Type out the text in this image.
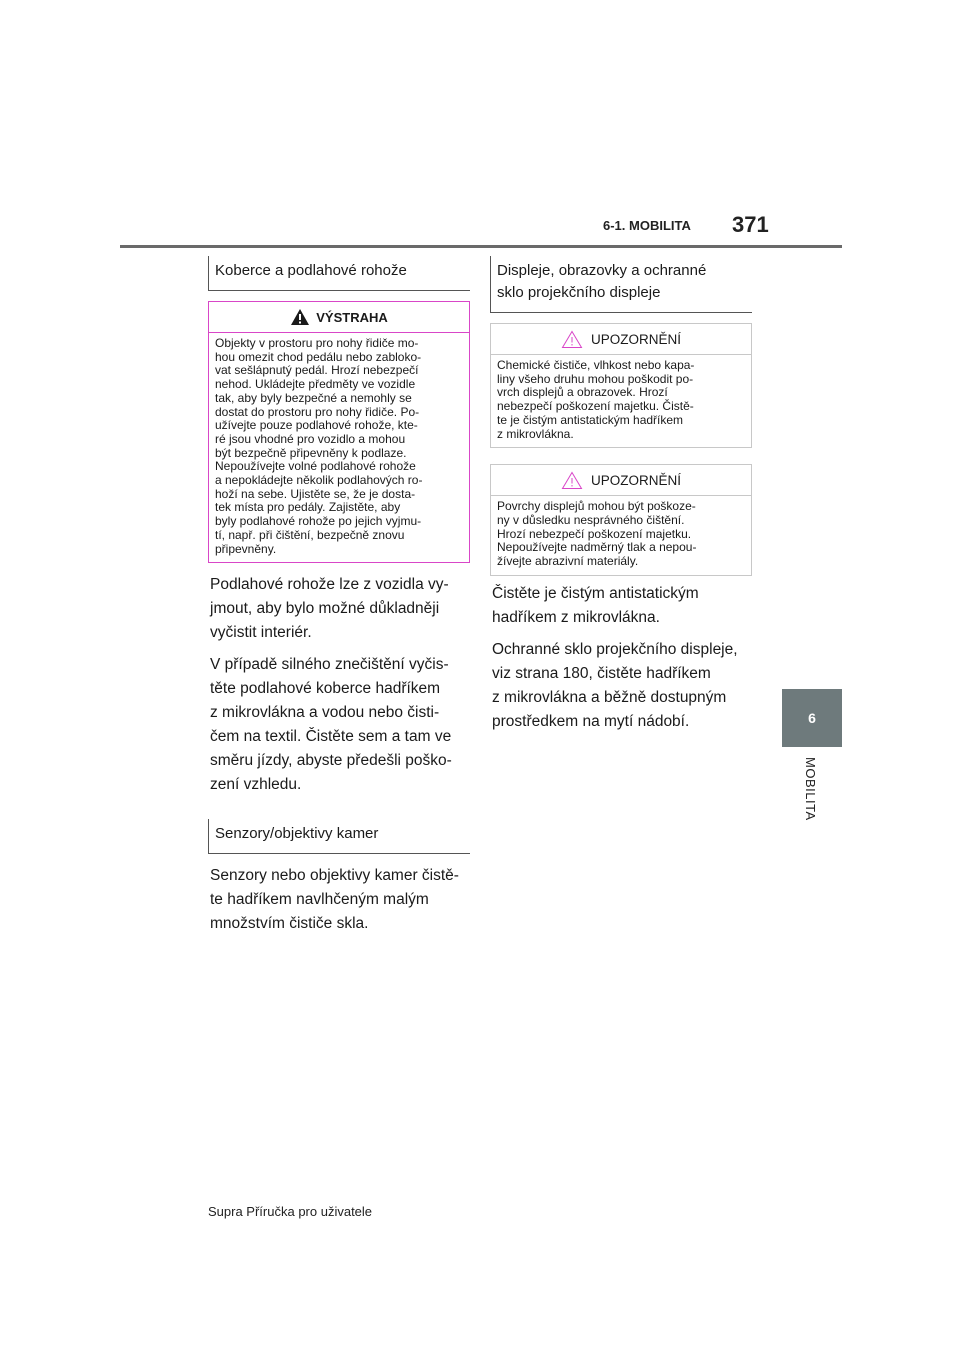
6-1. MOBILITA 371
6
MOBILITA
Koberce a podlahové rohože
VÝSTRAHA
Objekty v prostoru pro nohy řidiče mo-
hou omezit chod pedálu nebo zabloko-
vat sešlápnutý pedál. Hrozí nebezpečí
nehod. Ukládejte předměty ve vozidle
tak, aby byly bezpečné a nemohly se
dostat do prostoru pro nohy řidiče. Po-
užívejte pouze podlahové rohože, kte-
ré jsou vhodné pro vozidlo a mohou
být bezpečně připevněny k podlaze.
Nepoužívejte volné podlahové rohože
a nepokládejte několik podlahových ro-
hoží na sebe. Ujistěte se, že je dosta-
tek místa pro pedály. Zajistěte, aby
byly podlahové rohože po jejich vyjmu-
tí, např. při čištění, bezpečně znovu
připevněny.
Podlahové rohože lze z vozidla vy-
jmout, aby bylo možné důkladněji
vyčistit interiér.
V případě silného znečištění vyčis-
těte podlahové koberce hadříkem
z mikrovlákna a vodou nebo čisti-
čem na textil. Čistěte sem a tam ve
směru jízdy, abyste předešli poško-
zení vzhledu.
Senzory/objektivy kamer
Senzory nebo objektivy kamer čistě-
te hadříkem navlhčeným malým
množstvím čističe skla.
Displeje, obrazovky a ochranné
sklo projekčního displeje
UPOZORNĚNÍ
Chemické čističe, vlhkost nebo kapa-
liny všeho druhu mohou poškodit po-
vrch displejů a obrazovek. Hrozí
nebezpečí poškození majetku. Čistě-
te je čistým antistatickým hadříkem
z mikrovlákna.
UPOZORNĚNÍ
Povrchy displejů mohou být poškoze-
ny v důsledku nesprávného čištění.
Hrozí nebezpečí poškození majetku.
Nepoužívejte nadměrný tlak a nepou-
žívejte abrazivní materiály.
Čistěte je čistým antistatickým
hadříkem z mikrovlákna.
Ochranné sklo projekčního displeje,
viz strana 180, čistěte hadříkem
z mikrovlákna a běžně dostupným
prostředkem na mytí nádobí.
Supra Příručka pro uživatele
